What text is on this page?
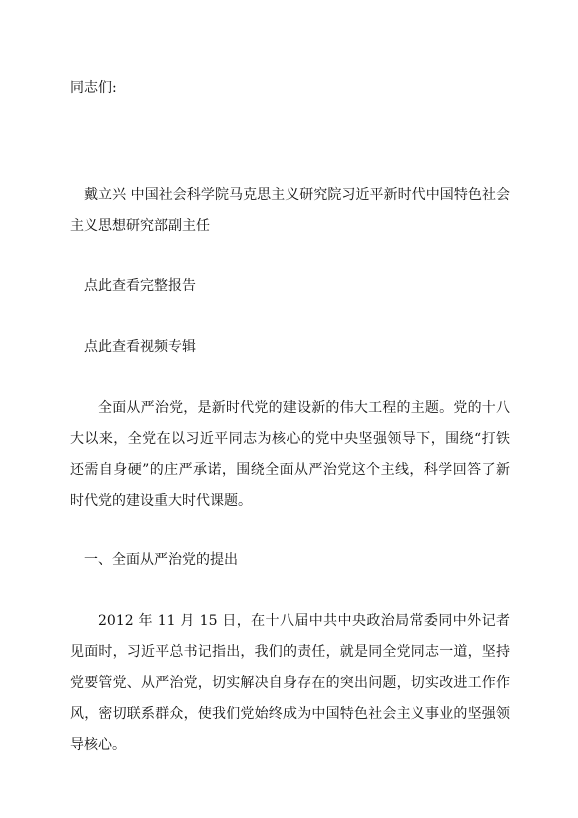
同志们:

戴立兴 中国社会科学院马克思主义研究院习近平新时代中国特色社会主义思想研究部副主任

点此查看完整报告

点此查看视频专辑

全面从严治党，是新时代党的建设新的伟大工程的主题。党的十八大以来，全党在以习近平同志为核心的党中央坚强领导下，围绕“打铁还需自身硬”的庄严承诺，围绕全面从严治党这个主线，科学回答了新时代党的建设重大时代课题。

一、全面从严治党的提出

2012 年 11 月 15 日，在十八届中共中央政治局常委同中外记者见面时，习近平总书记指出，我们的责任，就是同全党同志一道，坚持党要管党、从严治党，切实解决自身存在的突出问题，切实改进工作作风，密切联系群众，使我们党始终成为中国特色社会主义事业的坚强领导核心。
